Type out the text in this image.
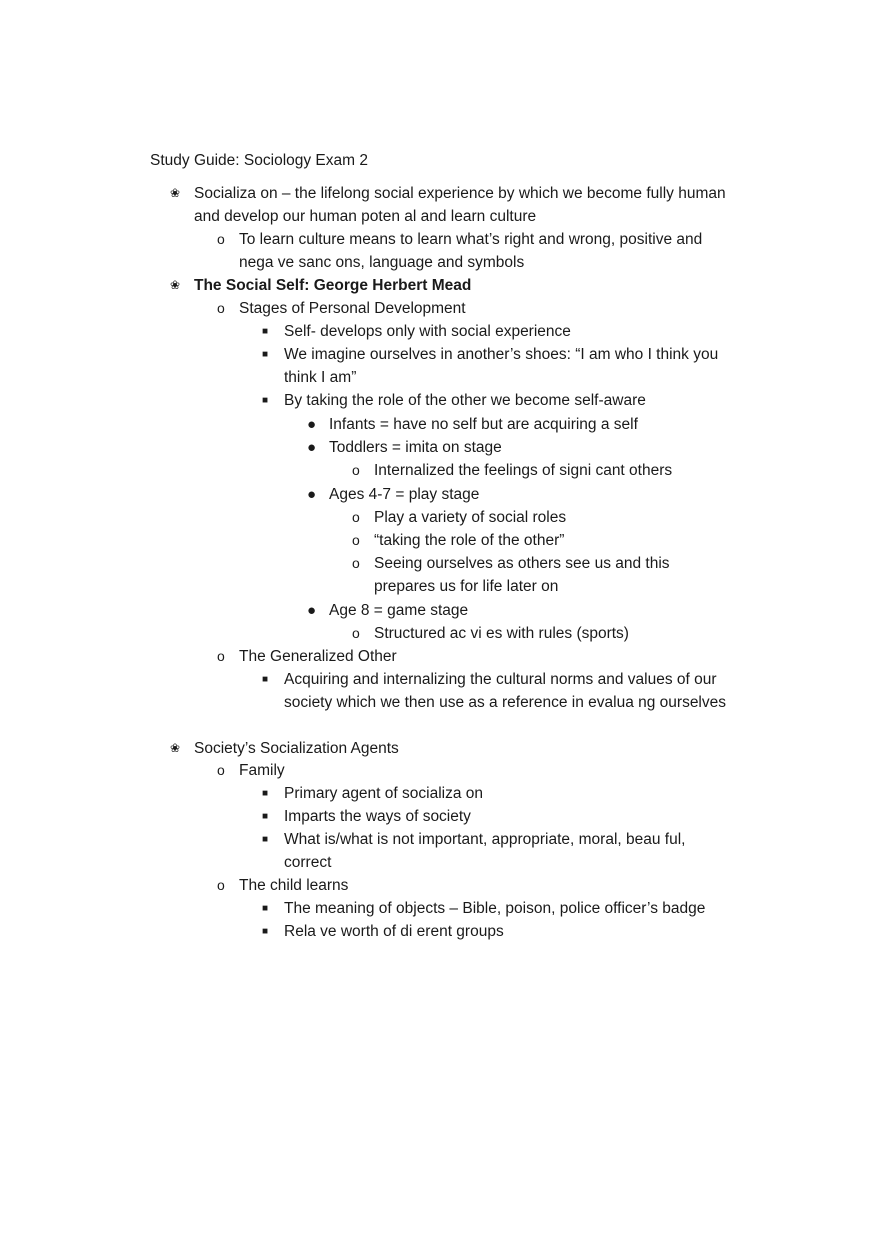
Study Guide: Sociology Exam 2
❀ Socializa on – the lifelong social experience by which we become fully human and develop our human poten al and learn culture
o To learn culture means to learn what’s right and wrong, positive and nega ve sanc ons, language and symbols
❀ The Social Self: George Herbert Mead
o Stages of Personal Development
■ Self- develops only with social experience
■ We imagine ourselves in another’s shoes: “I am who I think you think I am”
■ By taking the role of the other we become self-aware
● Infants = have no self but are acquiring a self
● Toddlers = imita on stage
o Internalized the feelings of signi cant others
● Ages 4-7 = play stage
o Play a variety of social roles
o “taking the role of the other”
o Seeing ourselves as others see us and this prepares us for life later on
● Age 8 = game stage
o Structured ac vi es with rules (sports)
o The Generalized Other
■ Acquiring and internalizing the cultural norms and values of our society which we then use as a reference in evalua ng ourselves
❀ Society’s Socialization Agents
o Family
■ Primary agent of socializa on
■ Imparts the ways of society
■ What is/what is not important, appropriate, moral, beau ful, correct
o The child learns
■ The meaning of objects – Bible, poison, police officer’s badge
■ Rela ve worth of di erent groups
